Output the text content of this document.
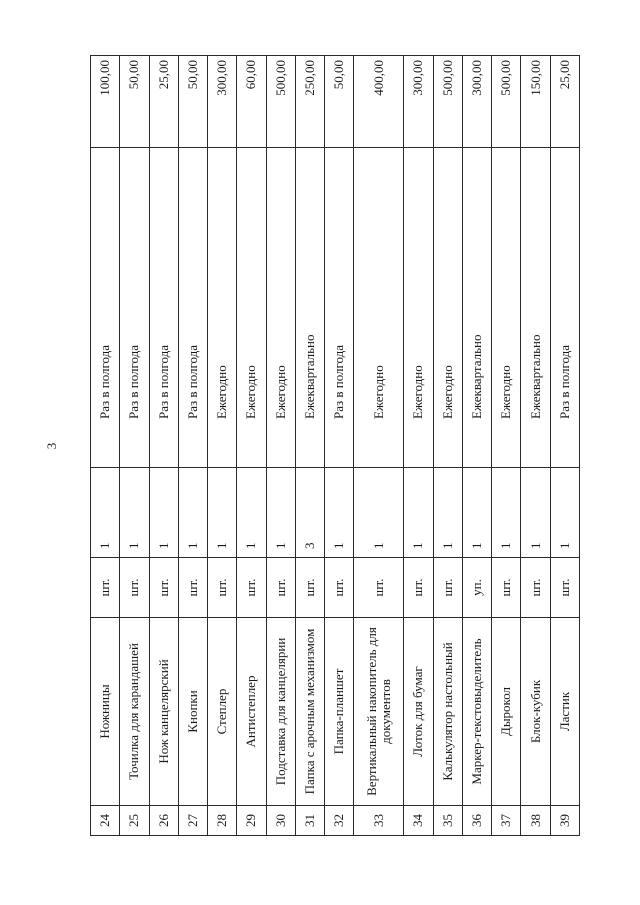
3
24	Ножницы	шт.	1	Раз в полгода	100,00
25	Точилка для карандашей	шт.	1	Раз в полгода	50,00
26	Нож канцелярский	шт.	1	Раз в полгода	25,00
27	Кнопки	шт.	1	Раз в полгода	50,00
28	Степлер	шт.	1	Ежегодно	300,00
29	Антистеплер	шт.	1	Ежегодно	60,00
30	Подставка для канцелярии	шт.	1	Ежегодно	500,00
31	Папка с арочным механизмом	шт.	3	Ежеквартально	250,00
32	Папка-планшет	шт.	1	Раз в полгода	50,00
33	Вертикальный накопитель для документов	шт.	1	Ежегодно	400,00
34	Лоток для бумаг	шт.	1	Ежегодно	300,00
35	Калькулятор настольный	шт.	1	Ежегодно	500,00
36	Маркер-текстовыделитель	уп.	1	Ежеквартально	300,00
37	Дырокол	шт.	1	Ежегодно	500,00
38	Блок-кубик	шт.	1	Ежеквартально	150,00
39	Ластик	шт.	1	Раз в полгода	25,00
